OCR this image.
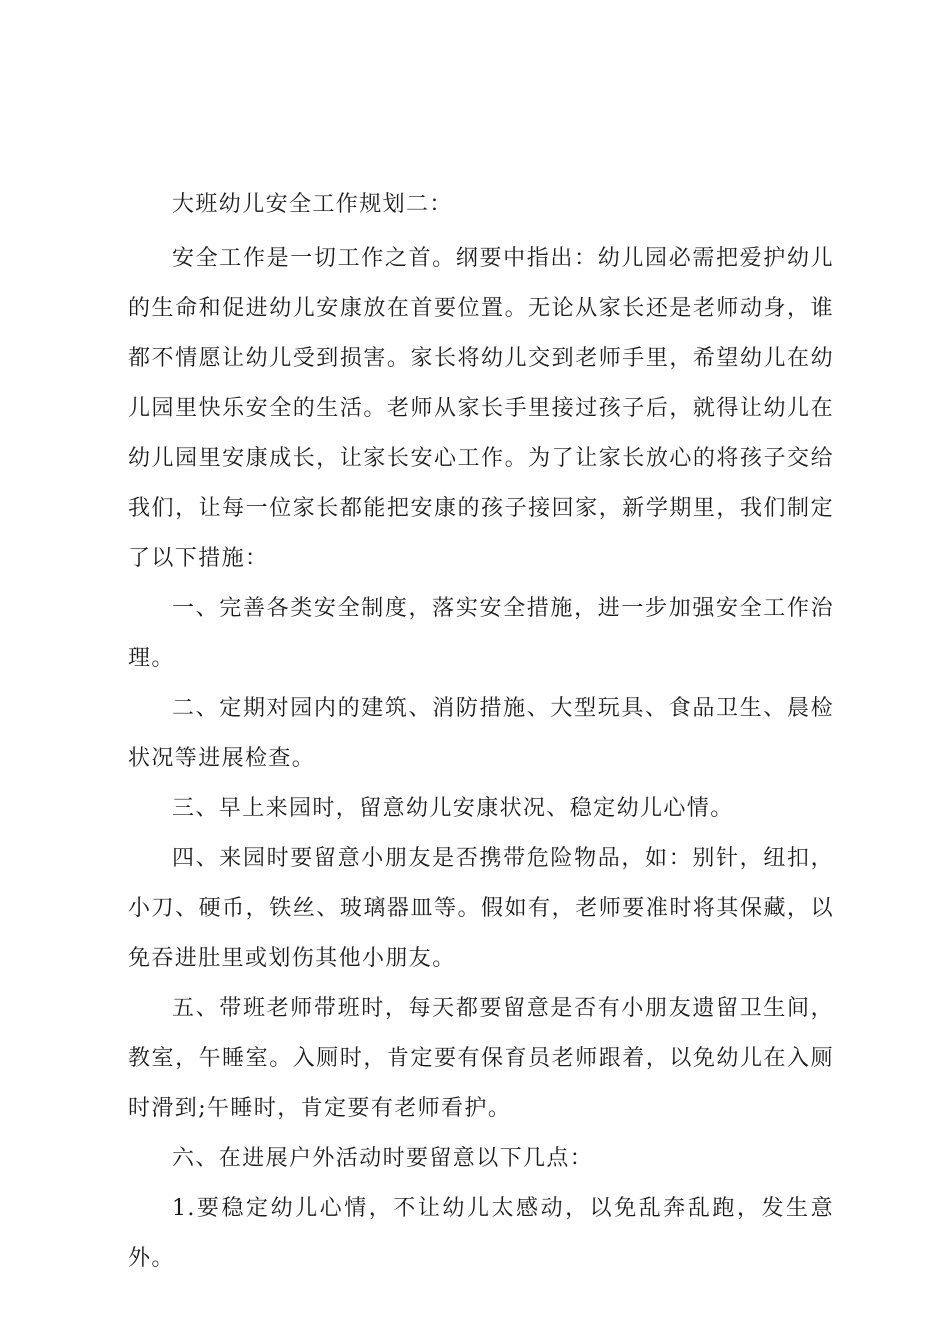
大班幼儿安全工作规划二：

安全工作是一切工作之首。纲要中指出：幼儿园必需把爱护幼儿的生命和促进幼儿安康放在首要位置。无论从家长还是老师动身，谁都不情愿让幼儿受到损害。家长将幼儿交到老师手里，希望幼儿在幼儿园里快乐安全的生活。老师从家长手里接过孩子后，就得让幼儿在幼儿园里安康成长，让家长安心工作。为了让家长放心的将孩子交给我们，让每一位家长都能把安康的孩子接回家，新学期里，我们制定了以下措施：

一、完善各类安全制度，落实安全措施，进一步加强安全工作治理。

二、定期对园内的建筑、消防措施、大型玩具、食品卫生、晨检状况等进展检查。

三、早上来园时，留意幼儿安康状况、稳定幼儿心情。

四、来园时要留意小朋友是否携带危险物品，如：别针，纽扣，小刀、硬币，铁丝、玻璃器皿等。假如有，老师要准时将其保藏，以免吞进肚里或划伤其他小朋友。

五、带班老师带班时，每天都要留意是否有小朋友遗留卫生间，教室，午睡室。入厕时，肯定要有保育员老师跟着，以免幼儿在入厕时滑到;午睡时，肯定要有老师看护。

六、在进展户外活动时要留意以下几点：

1.要稳定幼儿心情，不让幼儿太感动，以免乱奔乱跑，发生意外。
